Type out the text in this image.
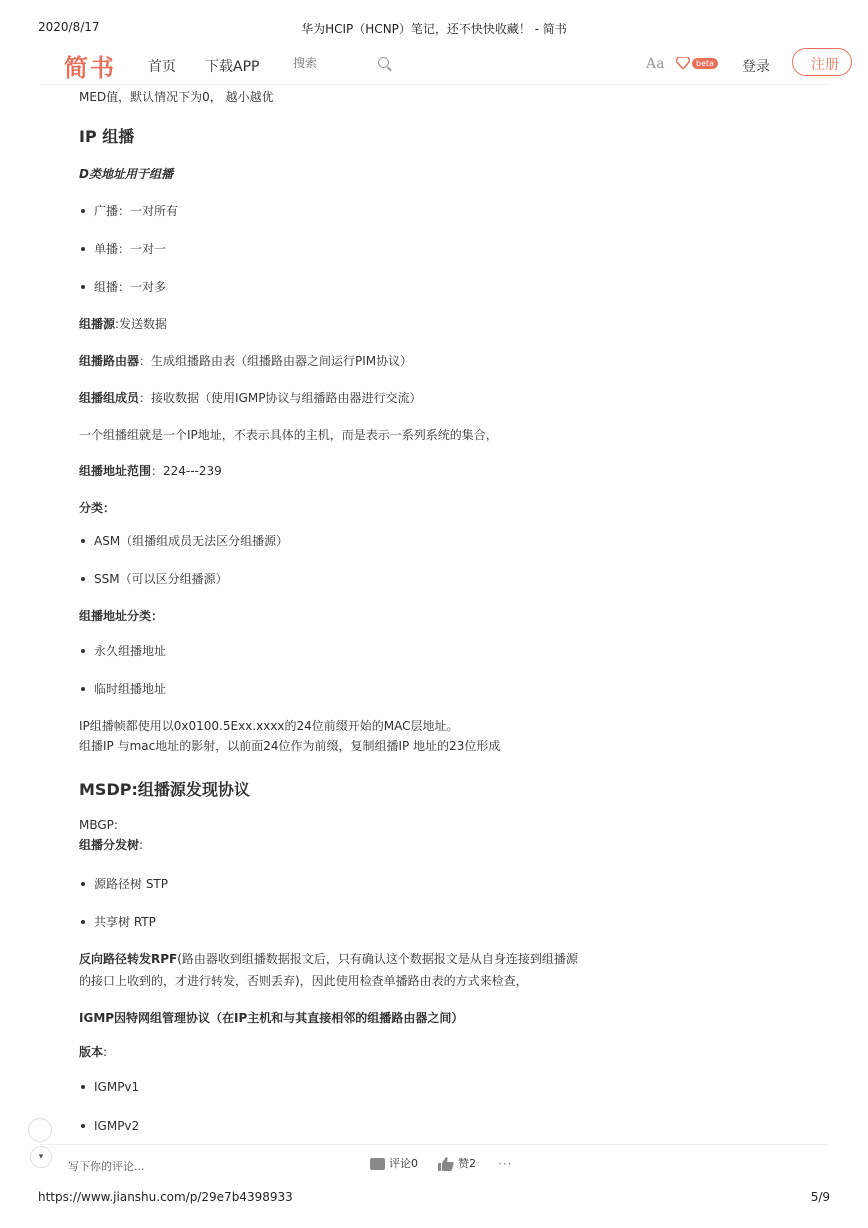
2020/8/17	华为HCIP（HCNP）笔记，还不快快收藏！ - 简书
简书 首页 下载APP
搜索	Aa	beta 登录	注册
MED值，默认情况下为0， 越小越优
IP 组播
D类地址用于组播
广播：一对所有
单播：一对一
组播：一对多
组播源:发送数据
组播路由器：生成组播路由表（组播路由器之间运行PIM协议）
组播组成员：接收数据（使用IGMP协议与组播路由器进行交流）
一个组播组就是一个IP地址，不表示具体的主机，而是表示一系列系统的集合，
组播地址范围：224---239
分类：
ASM（组播组成员无法区分组播源）
SSM（可以区分组播源）
组播地址分类：
永久组播地址
临时组播地址
IP组播帧都使用以0x0100.5Exx.xxxx的24位前缀开始的MAC层地址。
组播IP 与mac地址的影射，以前面24位作为前缀，复制组播IP 地址的23位形成
MSDP:组播源发现协议
MBGP:
组播分发树:
源路径树 STP
共享树 RTP
反向路径转发RPF(路由器收到组播数据报文后，只有确认这个数据报文是从自身连接到组播源
的接口上收到的，才进行转发，否则丢弃)，因此使用检查单播路由表的方式来检查，
IGMP因特网组管理协议（在IP主机和与其直接相邻的组播路由器之间）
版本:
IGMPv1
IGMPv2
▾
写下你的评论...	评论0	赞2 ···
https://www.jianshu.com/p/29e7b4398933	5/9
